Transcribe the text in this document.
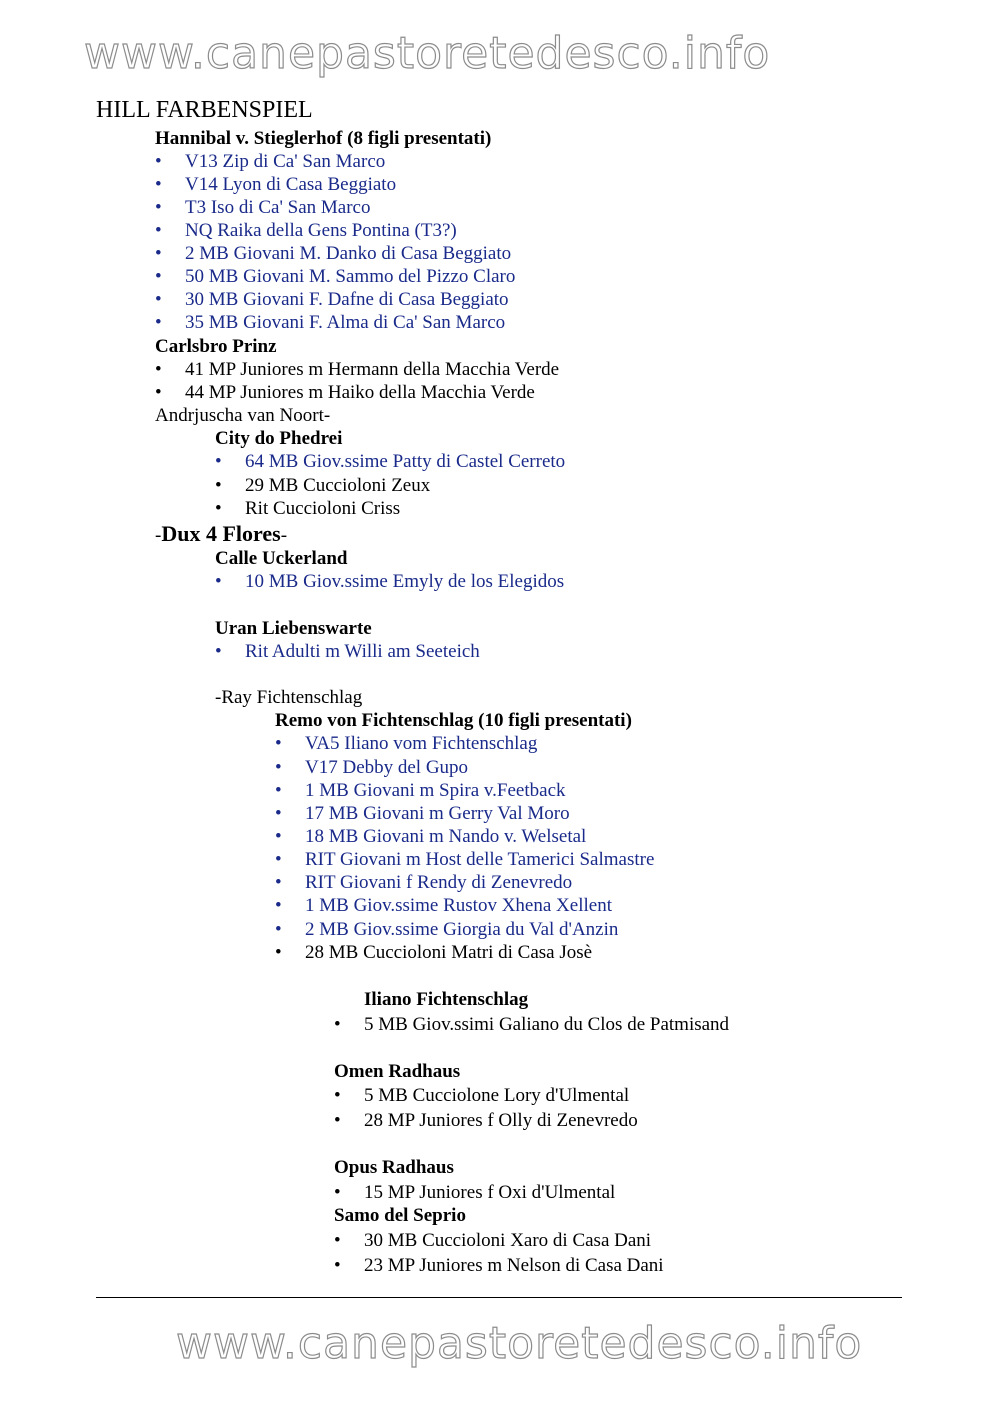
www.canepastoretedesco.info
HILL FARBENSPIEL
Hannibal v. Stieglerhof (8 figli presentati)
• V13 Zip di Ca' San Marco
• V14 Lyon di Casa Beggiato
• T3 Iso di Ca' San Marco
• NQ Raika della Gens Pontina (T3?)
• 2 MB Giovani M. Danko di Casa Beggiato
• 50 MB Giovani M. Sammo del Pizzo Claro
• 30 MB Giovani F. Dafne di Casa Beggiato
• 35 MB Giovani F. Alma di Ca' San Marco
Carlsbro Prinz
• 41 MP Juniores m Hermann della Macchia Verde
• 44 MP Juniores m Haiko della Macchia Verde
Andrjuscha van Noort-
City do Phedrei
• 64 MB Giov.ssime Patty di Castel Cerreto
• 29 MB Cuccioloni Zeux
• Rit Cuccioloni Criss
-Dux 4 Flores-
Calle Uckerland
• 10 MB Giov.ssime Emyly de los Elegidos
Uran Liebenswarte
• Rit Adulti m Willi am Seeteich
-Ray Fichtenschlag
Remo von Fichtenschlag (10 figli presentati)
• VA5 Iliano vom Fichtenschlag
• V17 Debby del Gupo
• 1 MB Giovani m Spira v.Feetback
• 17 MB Giovani m Gerry Val Moro
• 18 MB Giovani m Nando v. Welsetal
• RIT Giovani m Host delle Tamerici Salmastre
• RIT Giovani f Rendy di Zenevredo
• 1 MB Giov.ssime Rustov Xhena Xellent
• 2 MB Giov.ssime Giorgia du Val d'Anzin
• 28 MB Cuccioloni Matri di Casa Josè
Iliano Fichtenschlag
• 5 MB Giov.ssimi Galiano du Clos de Patmisand
Omen Radhaus
• 5 MB Cucciolone Lory d'Ulmental
• 28 MP Juniores f Olly di Zenevredo
Opus Radhaus
• 15 MP Juniores f Oxi d'Ulmental
Samo del Seprio
• 30 MB Cuccioloni Xaro di Casa Dani
• 23 MP Juniores m Nelson di Casa Dani
www.canepastoretedesco.info
